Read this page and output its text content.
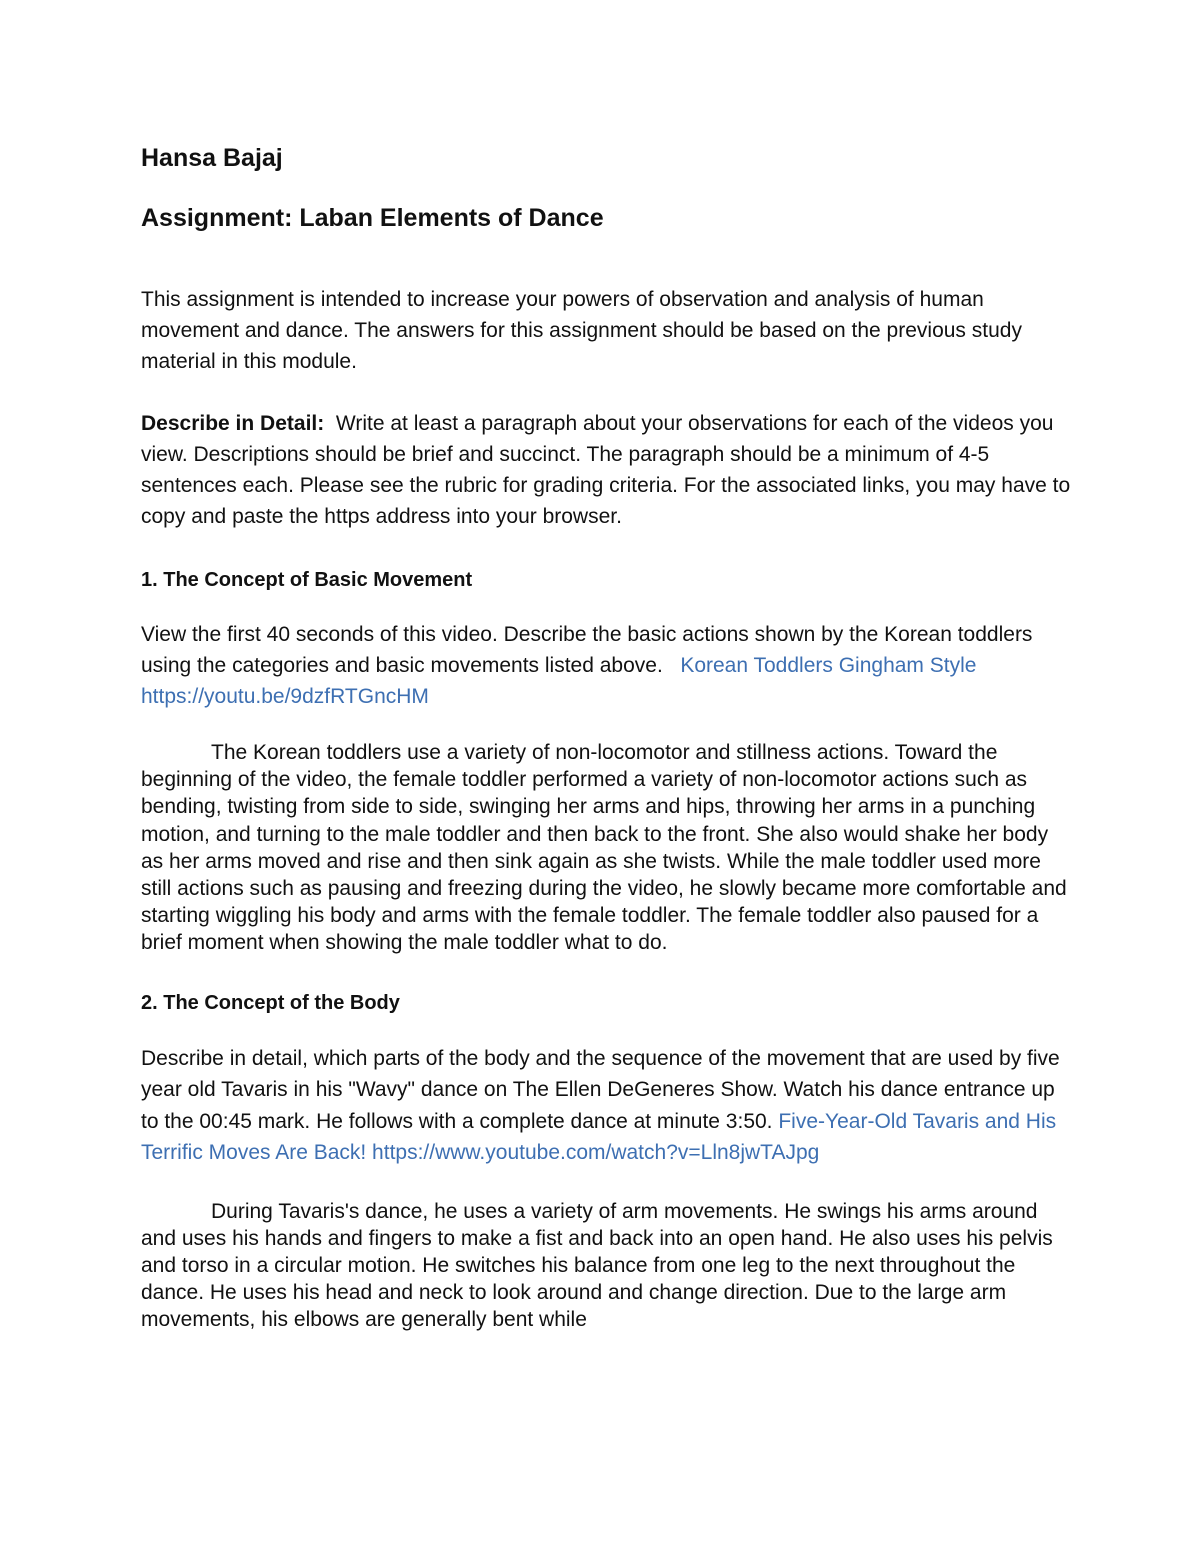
Hansa Bajaj
Assignment: Laban Elements of Dance

This assignment is intended to increase your powers of observation and analysis of human movement and dance. The answers for this assignment should be based on the previous study material in this module.

Describe in Detail: Write at least a paragraph about your observations for each of the videos you view. Descriptions should be brief and succinct. The paragraph should be a minimum of 4-5 sentences each. Please see the rubric for grading criteria. For the associated links, you may have to copy and paste the https address into your browser.

1. The Concept of Basic Movement

View the first 40 seconds of this video. Describe the basic actions shown by the Korean toddlers using the categories and basic movements listed above. Korean Toddlers Gingham Style https://youtu.be/9dzfRTGncHM

The Korean toddlers use a variety of non-locomotor and stillness actions. Toward the beginning of the video, the female toddler performed a variety of non-locomotor actions such as bending, twisting from side to side, swinging her arms and hips, throwing her arms in a punching motion, and turning to the male toddler and then back to the front. She also would shake her body as her arms moved and rise and then sink again as she twists. While the male toddler used more still actions such as pausing and freezing during the video, he slowly became more comfortable and starting wiggling his body and arms with the female toddler. The female toddler also paused for a brief moment when showing the male toddler what to do.

2. The Concept of the Body

Describe in detail, which parts of the body and the sequence of the movement that are used by five year old Tavaris in his "Wavy" dance on The Ellen DeGeneres Show. Watch his dance entrance up to the 00:45 mark. He follows with a complete dance at minute 3:50. Five-Year-Old Tavaris and His Terrific Moves Are Back! https://www.youtube.com/watch?v=Lln8jwTAJpg

During Tavaris's dance, he uses a variety of arm movements. He swings his arms around and uses his hands and fingers to make a fist and back into an open hand. He also uses his pelvis and torso in a circular motion. He switches his balance from one leg to the next throughout the dance. He uses his head and neck to look around and change direction. Due to the large arm movements, his elbows are generally bent while
